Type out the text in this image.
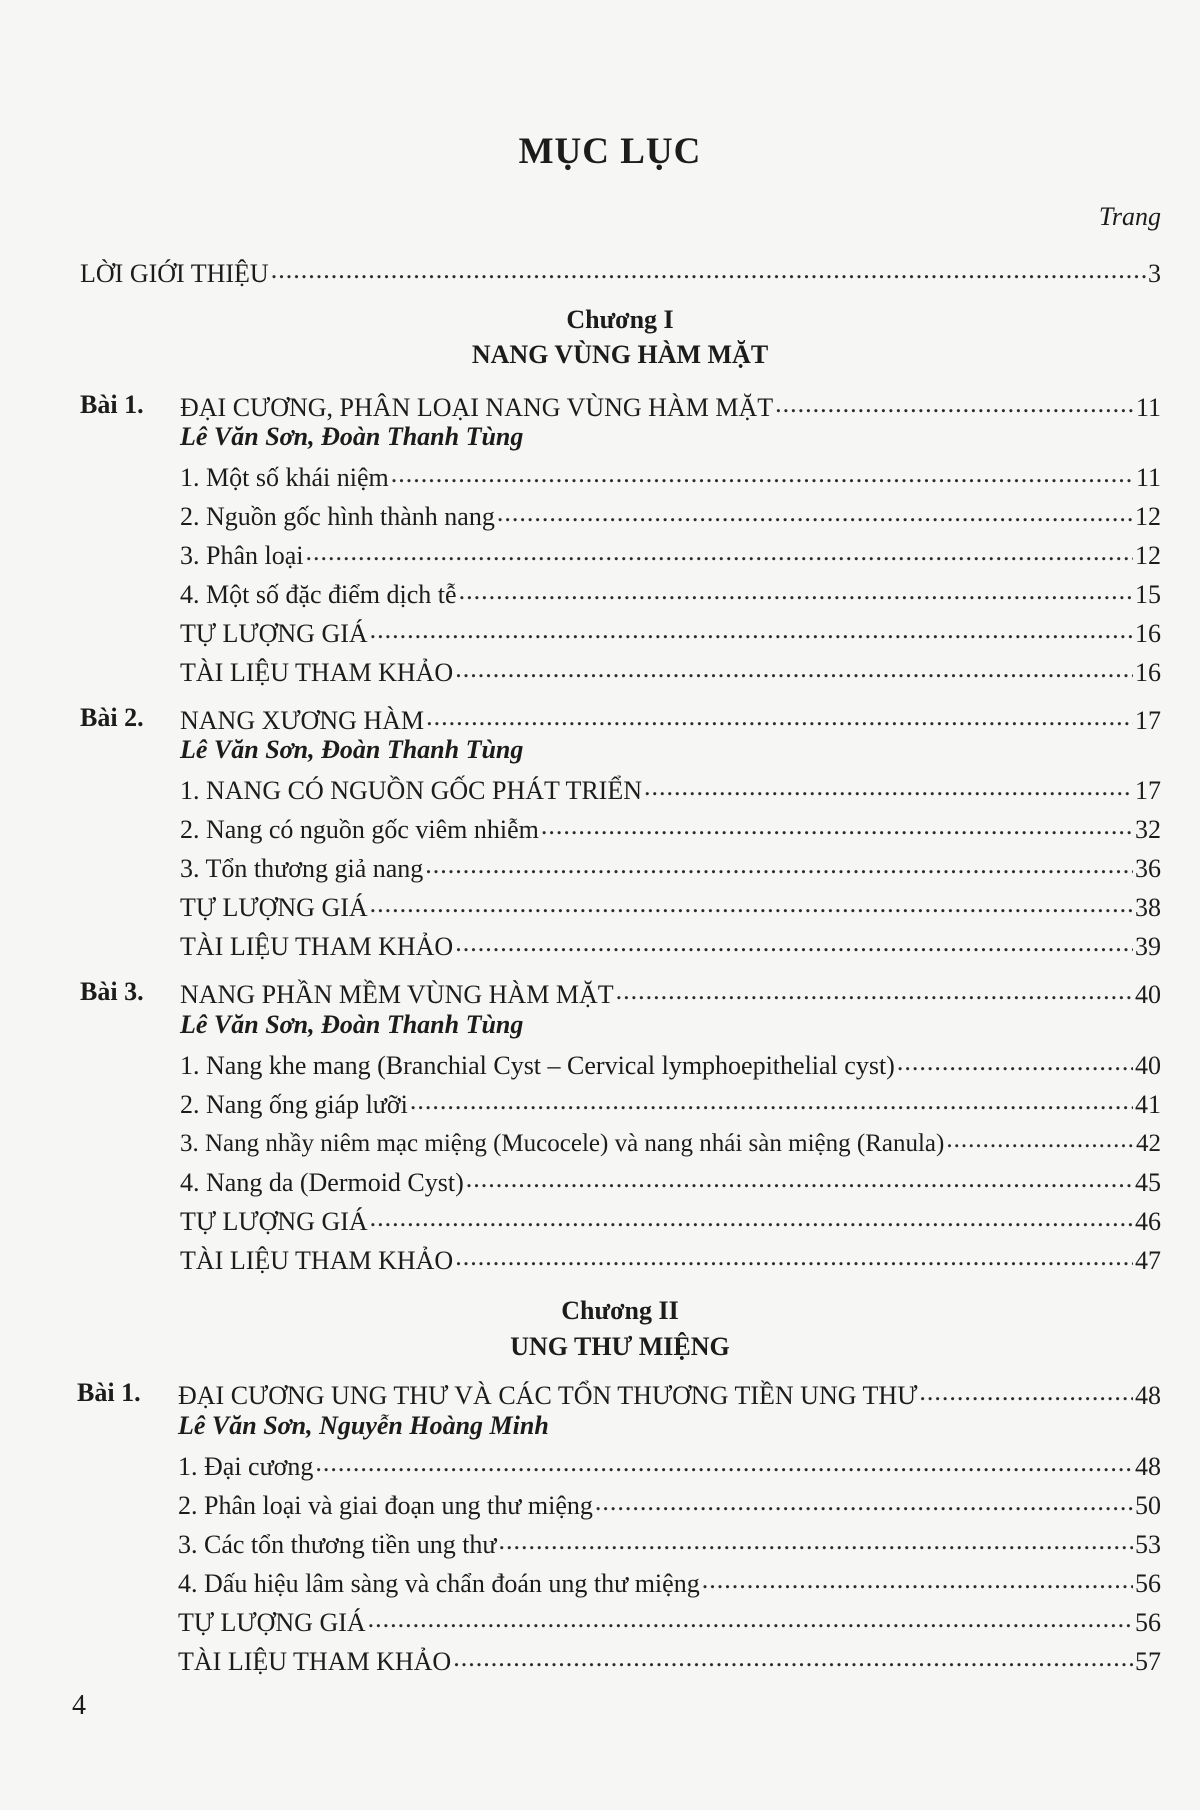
MỤC LỤC
Trang
LỜI GIỚI THIỆU .....	3
Chương I
NANG VÙNG HÀM MẶT
Bài 1. ĐẠI CƯƠNG, PHÂN LOẠI NANG VÙNG HÀM MẶT .....	11
Lê Văn Sơn, Đoàn Thanh Tùng
1. Một số khái niệm .....	11
2. Nguồn gốc hình thành nang .....	12
3. Phân loại .....	12
4. Một số đặc điểm dịch tễ .....	15
TỰ LƯỢNG GIÁ .....	16
TÀI LIỆU THAM KHẢO .....	16
Bài 2. NANG XƯƠNG HÀM .....	17
Lê Văn Sơn, Đoàn Thanh Tùng
1. NANG CÓ NGUỒN GỐC PHÁT TRIỂN .....	17
2. Nang có nguồn gốc viêm nhiễm .....	32
3. Tổn thương giả nang .....	36
TỰ LƯỢNG GIÁ .....	38
TÀI LIỆU THAM KHẢO .....	39
Bài 3. NANG PHẦN MỀM VÙNG HÀM MẶT .....	40
Lê Văn Sơn, Đoàn Thanh Tùng
1. Nang khe mang (Branchial Cyst – Cervical lymphoepithelial cyst) .....	40
2. Nang ống giáp lưỡi .....	41
3. Nang nhầy niêm mạc miệng (Mucocele) và nang nhái sàn miệng (Ranula) .....	42
4. Nang da (Dermoid Cyst) .....	45
TỰ LƯỢNG GIÁ .....	46
TÀI LIỆU THAM KHẢO .....	47
Chương II
UNG THƯ MIỆNG
Bài 1. ĐẠI CƯƠNG UNG THƯ VÀ CÁC TỔN THƯƠNG TIỀN UNG THƯ .....	48
Lê Văn Sơn, Nguyễn Hoàng Minh
1. Đại cương .....	48
2. Phân loại và giai đoạn ung thư miệng .....	50
3. Các tổn thương tiền ung thư .....	53
4. Dấu hiệu lâm sàng và chẩn đoán ung thư miệng .....	56
TỰ LƯỢNG GIÁ .....	56
TÀI LIỆU THAM KHẢO .....	57
4
